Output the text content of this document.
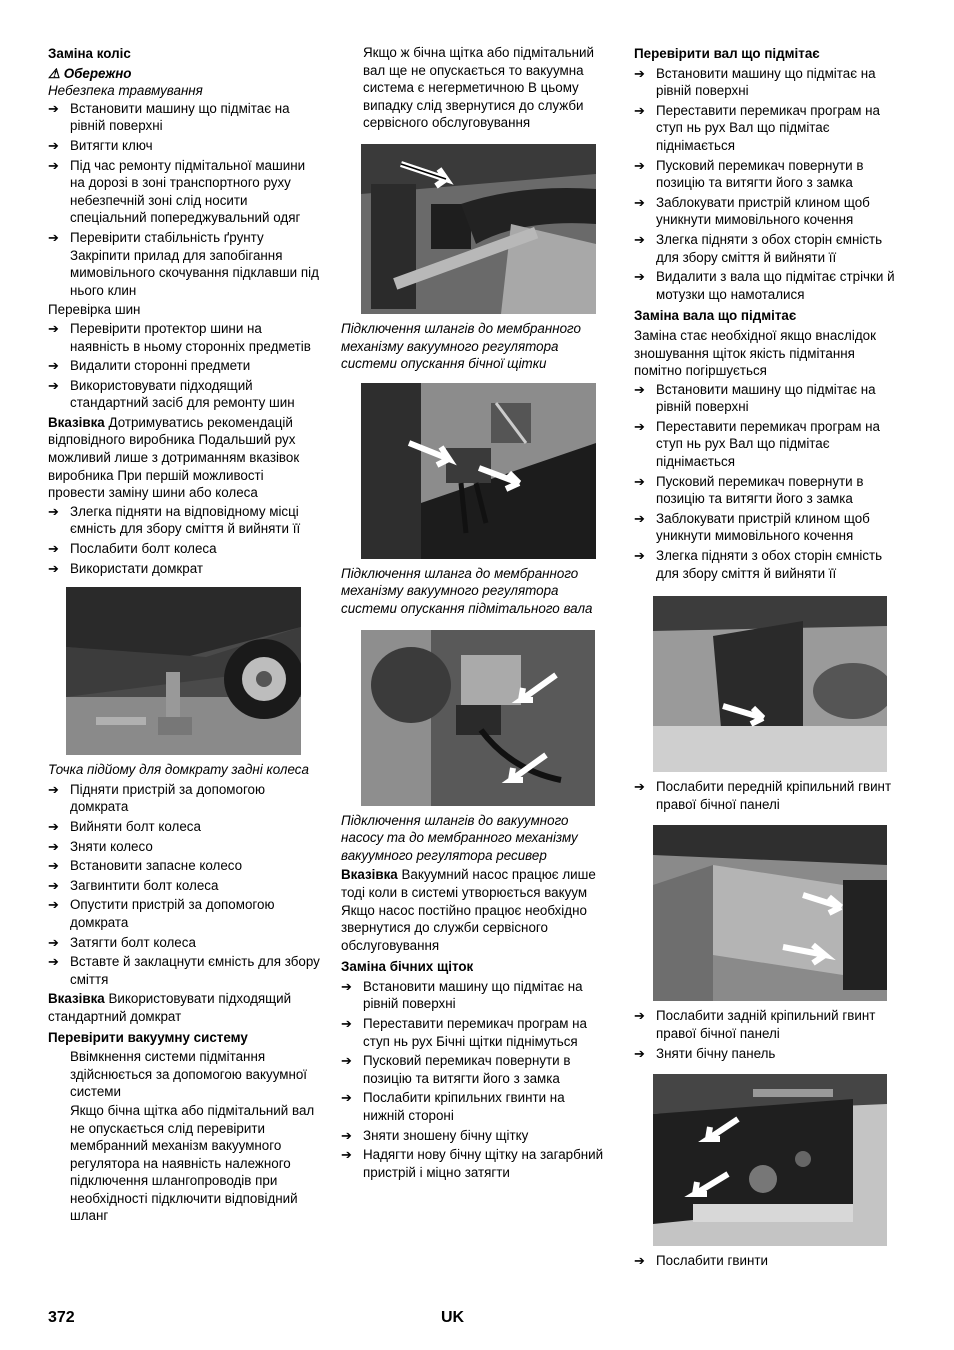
Заміна коліс
⚠ Обережно
Небезпека травмування
➔ Встановити машину що підмітає на рівній поверхні
➔ Витягти ключ
➔ Під час ремонту підмітальної машини на дорозі в зоні транспортного руху небезпечній зоні слід носити спеціальний попереджувальний одяг
➔ Перевірити стабільність ґрунту Закріпити прилад для запобігання мимовільного скочування підклавши під нього клин
Перевірка шин
➔ Перевірити протектор шини на наявність в ньому сторонніх предметів
➔ Видалити сторонні предмети
➔ Використовувати підходящий стандартний засіб для ремонту шин
Вказівка Дотримуватись рекомендацій відповідного виробника Подальший рух можливий лише з дотриманням вказівок виробника При першій можливості провести заміну шини або колеса
➔ Злегка підняти на відповідному місці ємність для збору сміття й вийняти її
➔ Послабити болт колеса
➔ Використати домкрат
Точка підйому для домкрату задні колеса
➔ Підняти пристрій за допомогою домкрата
➔ Вийняти болт колеса
➔ Зняти колесо
➔ Встановити запасне колесо
➔ Загвинтити болт колеса
➔ Опустити пристрій за допомогою домкрата
➔ Затягти болт колеса
➔ Вставте й заклацнути ємність для збору сміття
Вказівка Використовувати підходящий стандартний домкрат
Перевірити вакуумну систему
Ввімкнення системи підмітання здійснюється за допомогою вакуумної системи
Якщо бічна щітка або підмітальний вал не опускається слід перевірити мембранний механізм вакуумного регулятора на наявність належного підключення шлангопроводів при необхідності підключити відповідний шланг
Якщо ж бічна щітка або підмітальний вал ще не опускається то вакуумна система є негерметичною В цьому випадку слід звернутися до служби сервісного обслуговування
Підключення шлангів до мембранного механізму вакуумного регулятора системи опускання бічної щітки
Підключення шланга до мембранного механізму вакуумного регулятора системи опускання підмітального вала
Підключення шлангів до вакуумного насосу та до мембранного механізму вакуумного регулятора ресивер
Вказівка Вакуумний насос працює лише тоді коли в системі утворюється вакуум Якщо насос постійно працює необхідно звернутися до служби сервісного обслуговування
Заміна бічних щіток
➔ Встановити машину що підмітає на рівній поверхні
➔ Переставити перемикач програм на ступ нь рух Бічні щітки піднімуться
➔ Пусковий перемикач повернути в позицію та витягти його з замка
➔ Послабити кріпильних гвинти на нижній стороні
➔ Зняти зношену бічну щітку
➔ Надягти нову бічну щітку на загарбний пристрій і міцно затягти
Перевірити вал що підмітає
➔ Встановити машину що підмітає на рівній поверхні
➔ Переставити перемикач програм на ступ нь рух Вал що підмітає піднімається
➔ Пусковий перемикач повернути в позицію та витягти його з замка
➔ Заблокувати пристрій клином щоб уникнути мимовільного кочення
➔ Злегка підняти з обох сторін ємність для збору сміття й вийняти її
➔ Видалити з вала що підмітає стрічки й мотузки що намоталися
Заміна вала що підмітає
Заміна стає необхідної якщо внаслідок зношування щіток якість підмітання помітно погіршується
➔ Встановити машину що підмітає на рівній поверхні
➔ Переставити перемикач програм на ступ нь рух Вал що підмітає піднімається
➔ Пусковий перемикач повернути в позицію та витягти його з замка
➔ Заблокувати пристрій клином щоб уникнути мимовільного кочення
➔ Злегка підняти з обох сторін ємність для збору сміття й вийняти її
➔ Послабити передній кріпильний гвинт правої бічної панелі
➔ Послабити задній кріпильний гвинт правої бічної панелі
➔ Зняти бічну панель
➔ Послабити гвинти
372	UK
